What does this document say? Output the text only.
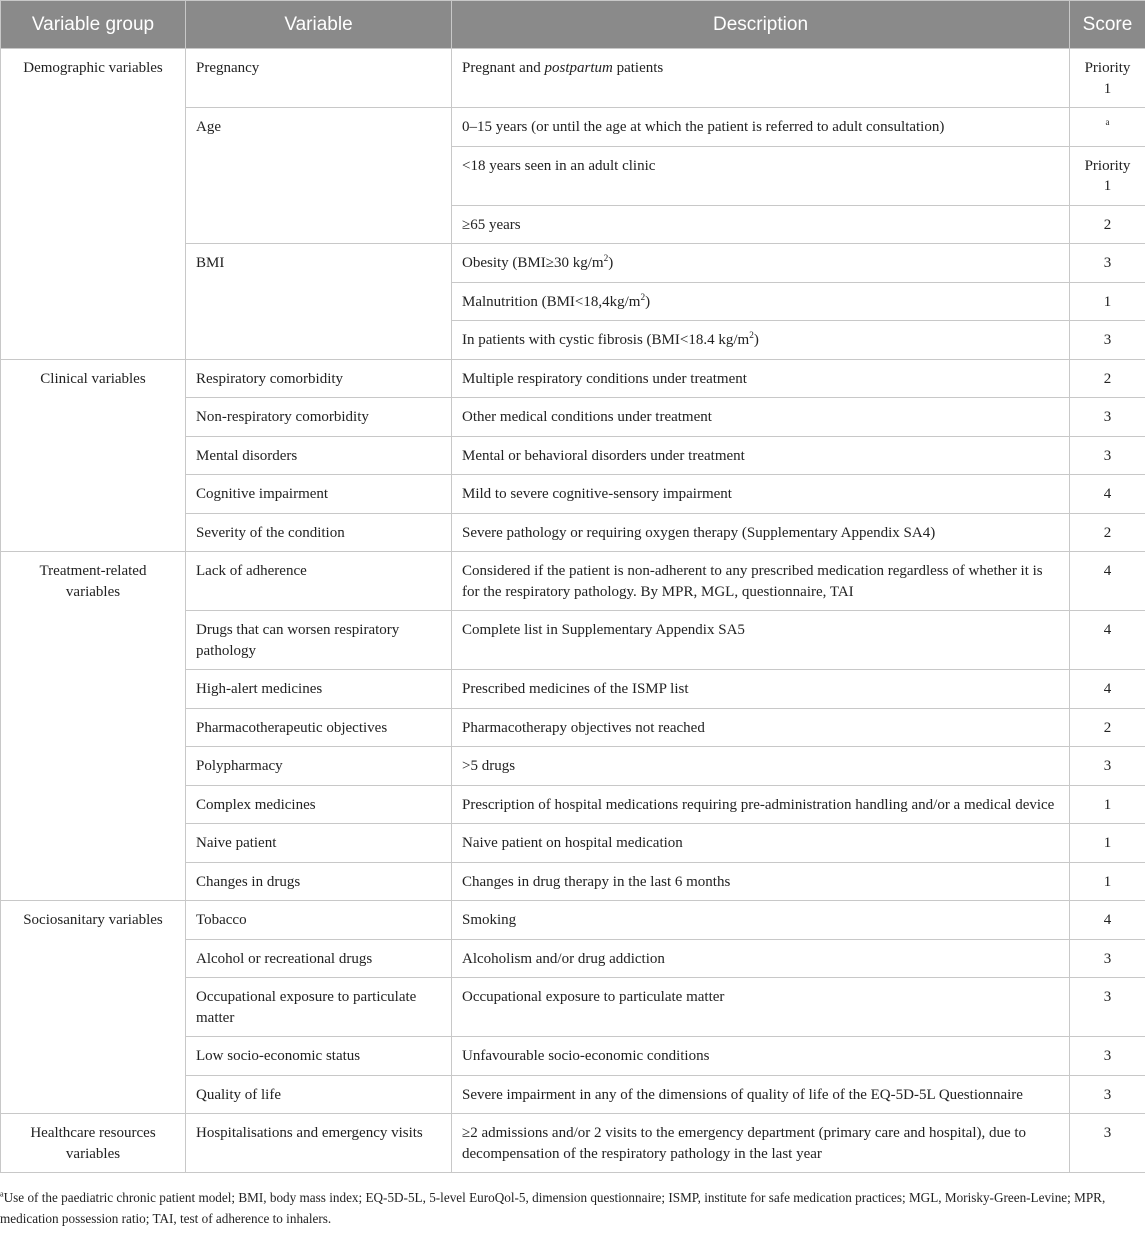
Variable group	Variable	Description	Score
Demographic variables	Pregnancy	Pregnant and postpartum patients	Priority 1
	Age	0–15 years (or until the age at which the patient is referred to adult consultation)	$^a$
		<18 years seen in an adult clinic	Priority 1
		≥65 years	2
	BMI	Obesity (BMI≥30 $kg/m^2$)	3
		Malnutrition $(BMI<18,4kg/m^2)$	1
		In patients with cystic fibrosis (BMI<18.4 $kg/m^2$)	3
Clinical variables	Respiratory comorbidity	Multiple respiratory conditions under treatment	2
	Non-respiratory comorbidity	Other medical conditions under treatment	3
	Mental disorders	Mental or behavioral disorders under treatment	3
	Cognitive impairment	Mild to severe cognitive-sensory impairment	4
	Severity of the condition	Severe pathology or requiring oxygen therapy (Supplementary Appendix SA4)	2
Treatment-related variables	Lack of adherence	Considered if the patient is non-adherent to any prescribed medication regardless of whether it is for the respiratory pathology. By MPR, MGL, questionnaire, TAI	4
	Drugs that can worsen respiratory pathology	Complete list in Supplementary Appendix SA5	4
	High-alert medicines	Prescribed medicines of the ISMP list	4
	Pharmacotherapeutic objectives	Pharmacotherapy objectives not reached	2
	Polypharmacy	>5 drugs	3
	Complex medicines	Prescription of hospital medications requiring pre-administration handling and/or a medical device	1
	Naive patient	Naive patient on hospital medication	1
	Changes in drugs	Changes in drug therapy in the last 6 months	1
Sociosanitary variables	Tobacco	Smoking	4
	Alcohol or recreational drugs	Alcoholism and/or drug addiction	3
	Occupational exposure to particulate matter	Occupational exposure to particulate matter	3
	Low socio-economic status	Unfavourable socio-economic conditions	3
	Quality of life	Severe impairment in any of the dimensions of quality of life of the EQ-5D-5L Questionnaire	3
Healthcare resources variables	Hospitalisations and emergency visits	≥2 admissions and/or 2 visits to the emergency department (primary care and hospital), due to decompensation of the respiratory pathology in the last year	3
$^a$Use of the paediatric chronic patient model; BMI, body mass index; EQ-5D-5L, 5-level EuroQol-5, dimension questionnaire; ISMP, institute for safe medication practices; MGL, Morisky-Green-Levine; MPR, medication possession ratio; TAI, test of adherence to inhalers.
